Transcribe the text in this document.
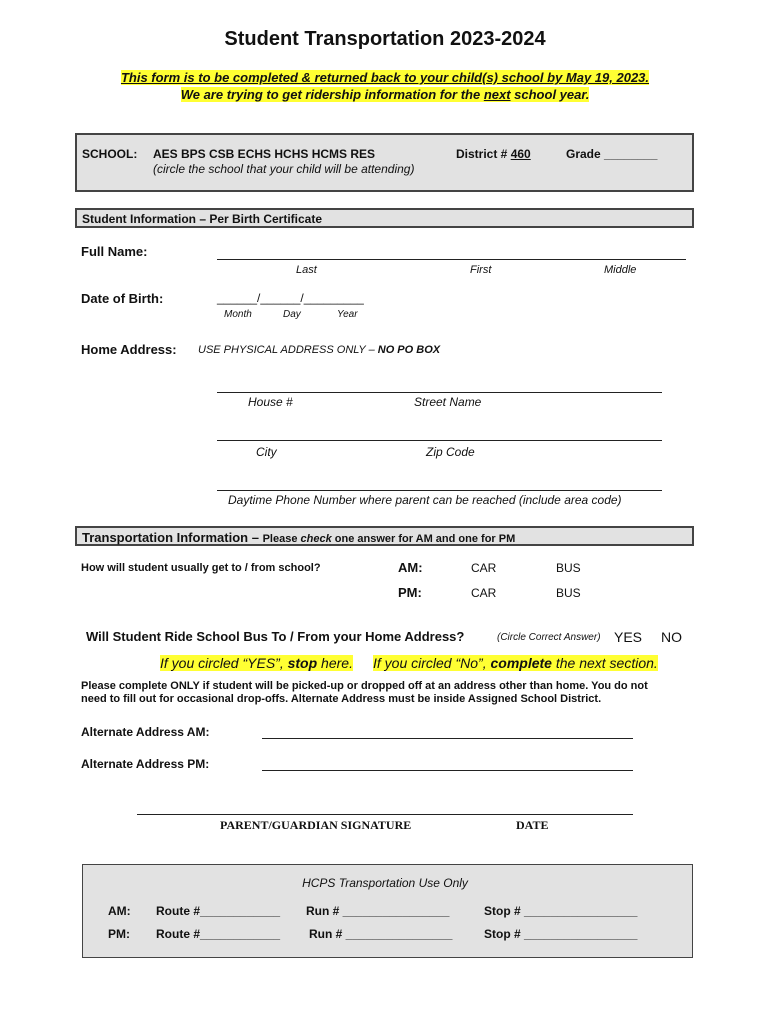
Student Transportation 2023-2024
This form is to be completed & returned back to your child(s) school by May 19, 2023.
We are trying to get ridership information for the next school year.
SCHOOL: AES BPS CSB ECHS HCHS HCMS RES
(circle the school that your child will be attending)
District # 460	Grade ________
Student Information – Per Birth Certificate
Full Name:
Last	First	Middle
Date of Birth:	______/______/_________
Month	Day	Year
Home Address: USE PHYSICAL ADDRESS ONLY – NO PO BOX
House #	Street Name
City	Zip Code
Daytime Phone Number where parent can be reached (include area code)
Transportation Information – Please check one answer for AM and one for PM
How will student usually get to / from school?	AM:	CAR	BUS
PM:	CAR	BUS
Will Student Ride School Bus To / From your Home Address?	(Circle Correct Answer) YES NO
If you circled “YES”, stop here. If you circled “No”, complete the next section.
Please complete ONLY if student will be picked-up or dropped off at an address other than home. You do not
need to fill out for occasional drop-offs. Alternate Address must be inside Assigned School District.
Alternate Address AM:
Alternate Address PM:
PARENT/GUARDIAN SIGNATURE	DATE
HCPS Transportation Use Only
AM: Route #____________ Run # ________________	Stop # _________________
PM: Route #____________ Run # ________________	Stop # _________________
